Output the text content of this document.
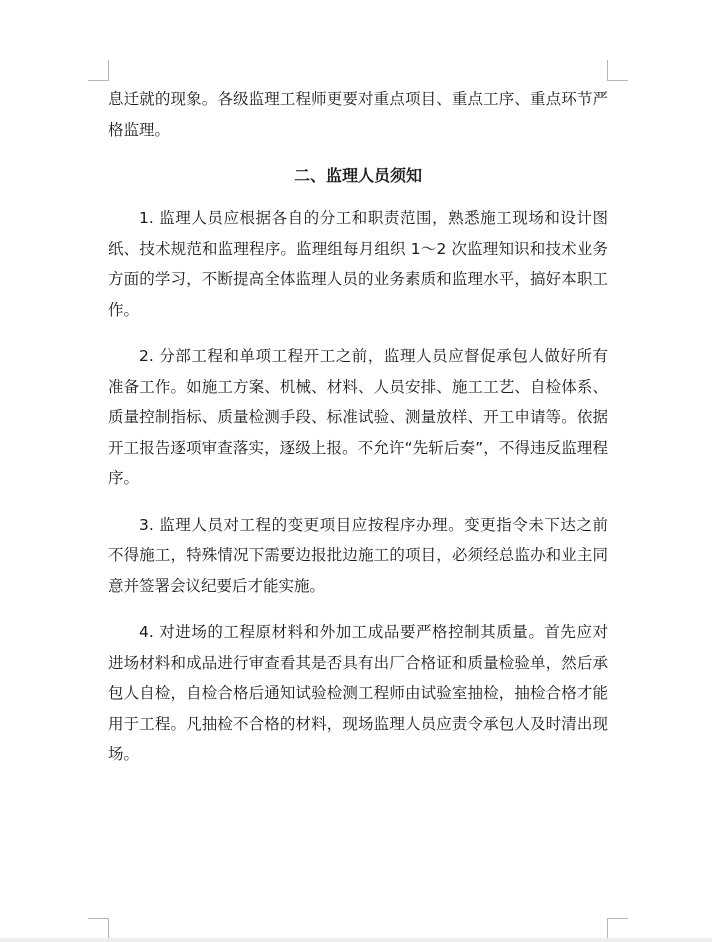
息迁就的现象。各级监理工程师更要对重点项目、重点工序、重点环节严格监理。

二、监理人员须知

1. 监理人员应根据各自的分工和职责范围，熟悉施工现场和设计图纸、技术规范和监理程序。监理组每月组织 1～2 次监理知识和技术业务方面的学习，不断提高全体监理人员的业务素质和监理水平，搞好本职工作。

2. 分部工程和单项工程开工之前，监理人员应督促承包人做好所有准备工作。如施工方案、机械、材料、人员安排、施工工艺、自检体系、质量控制指标、质量检测手段、标准试验、测量放样、开工申请等。依据开工报告逐项审查落实，逐级上报。不允许“先斩后奏”，不得违反监理程序。

3. 监理人员对工程的变更项目应按程序办理。变更指令未下达之前不得施工，特殊情况下需要边报批边施工的项目，必须经总监办和业主同意并签署会议纪要后才能实施。

4. 对进场的工程原材料和外加工成品要严格控制其质量。首先应对进场材料和成品进行审查看其是否具有出厂合格证和质量检验单，然后承包人自检，自检合格后通知试验检测工程师由试验室抽检，抽检合格才能用于工程。凡抽检不合格的材料，现场监理人员应责令承包人及时清出现场。
